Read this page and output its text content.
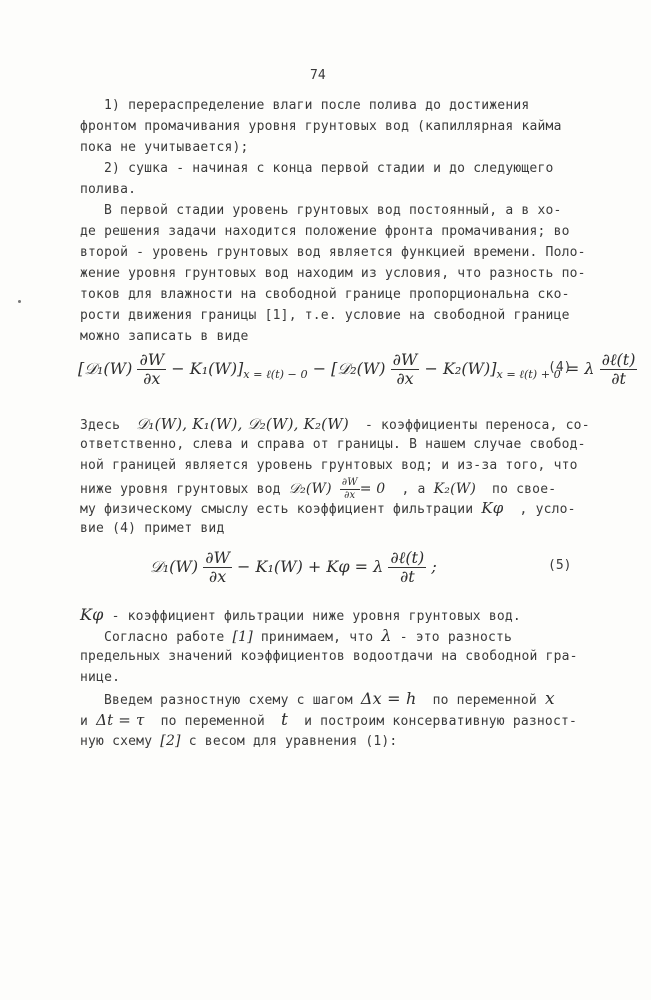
74
1) перераспределение влаги после полива до достижения
фронтом промачивания уровня грунтовых вод (капиллярная кайма
пока не учитывается);
2) сушка - начиная с конца первой стадии и до следующего
полива.
В первой стадии уровень грунтовых вод постоянный, а в хо-
де решения задачи находится положение фронта промачивания; во
второй - уровень грунтовых вод является функцией времени. Поло-
жение уровня грунтовых вод находим из условия, что разность по-
токов для влажности на свободной границе пропорциональна ско-
рости движения границы [1], т.е. условие на свободной границе
можно записать в виде
[𝒟₁(W) $\frac{\partial W}{\partial x} - K_1(W)]_{x = \ell(t) - 0}$ − [𝒟₂(W) $\frac{\partial W}{\partial x} - K_2(W)]_{x = \ell(t) + 0} = \lambda \frac{\text{∂ℓ(t)}}{\partial t}$
(4)
Здесь 𝒟₁(W), K₁(W), 𝒟₂(W), K₂(W) - коэффициенты переноса, со-
ответственно, слева и справа от границы. В нашем случае свобод-
ной границей является уровень грунтовых вод; и из-за того, что
ниже уровня грунтовых вод 𝒟₂(W) $\frac{\partial W}{\partial x} = 0$ , а K₂(W) по свое-
му физическому смыслу есть коэффициент фильтрации Kφ , усло-
вие (4) примет вид
𝒟₁(W) $\frac{\partial W}{\partial x} - K_1(W) + K\varphi = \lambda \frac{\text{∂ℓ(t)}}{\partial t}$ ;	(5)
Kφ - коэффициент фильтрации ниже уровня грунтовых вод.
Согласно работе [1] принимаем, что λ - это разность
предельных значений коэффициентов водоотдачи на свободной гра-
нице.
Введем разностную схему с шагом Δx = h по переменной x
и Δt = τ по переменной t и построим консервативную разност-
ную схему [2] с весом для уравнения (1):
